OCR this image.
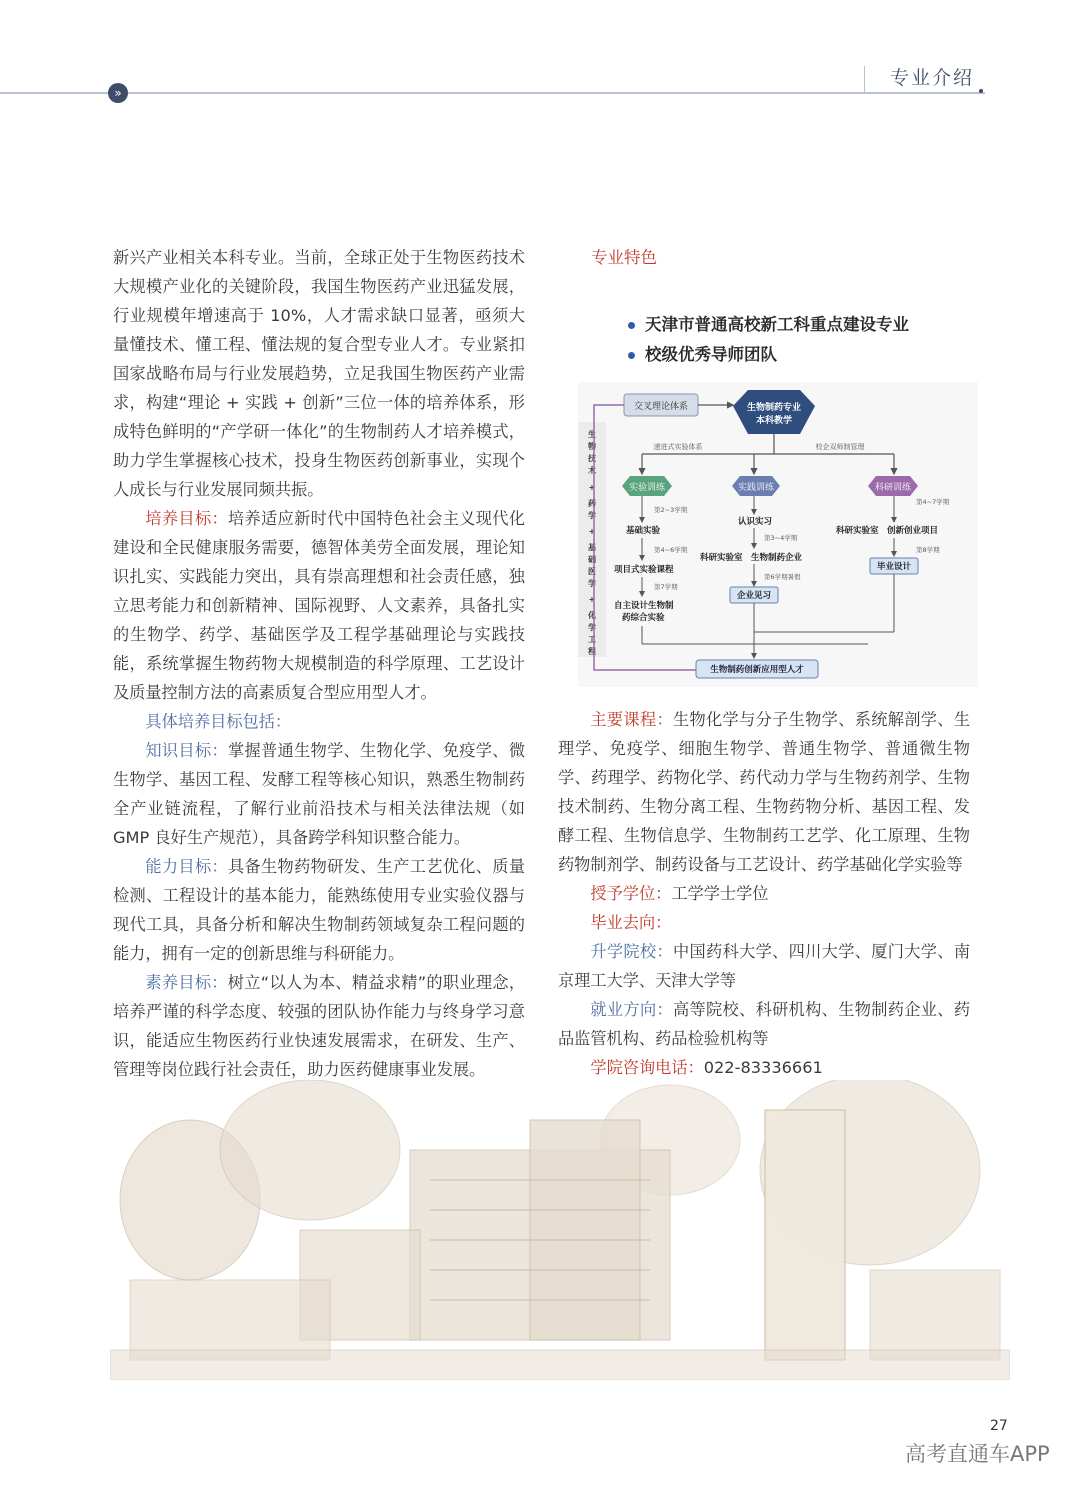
»
专业介绍

新兴产业相关本科专业。当前，全球正处于生物医药技术大规模产业化的关键阶段，我国生物医药产业迅猛发展，行业规模年增速高于 10%，人才需求缺口显著，亟须大量懂技术、懂工程、懂法规的复合型专业人才。专业紧扣国家战略布局与行业发展趋势，立足我国生物医药产业需求，构建“理论 + 实践 + 创新”三位一体的培养体系，形成特色鲜明的“产学研一体化”的生物制药人才培养模式，助力学生掌握核心技术，投身生物医药创新事业，实现个人成长与行业发展同频共振。

培养目标：培养适应新时代中国特色社会主义现代化建设和全民健康服务需要，德智体美劳全面发展，理论知识扎实、实践能力突出，具有崇高理想和社会责任感，独立思考能力和创新精神、国际视野、人文素养，具备扎实的生物学、药学、基础医学及工程学基础理论与实践技能，系统掌握生物药物大规模制造的科学原理、工艺设计及质量控制方法的高素质复合型应用型人才。

具体培养目标包括：

知识目标：掌握普通生物学、生物化学、免疫学、微生物学、基因工程、发酵工程等核心知识，熟悉生物制药全产业链流程，了解行业前沿技术与相关法律法规（如 GMP 良好生产规范），具备跨学科知识整合能力。

能力目标：具备生物药物研发、生产工艺优化、质量检测、工程设计的基本能力，能熟练使用专业实验仪器与现代工具，具备分析和解决生物制药领域复杂工程问题的能力，拥有一定的创新思维与科研能力。

素养目标：树立“以人为本、精益求精”的职业理念，培养严谨的科学态度、较强的团队协作能力与终身学习意识，能适应生物医药行业快速发展需求，在研发、生产、管理等岗位践行社会责任，助力医药健康事业发展。

专业特色
天津市普通高校新工科重点建设专业
校级优秀导师团队
生
物
技
术
+
药
学
+
基
础
医
学
+
化
学
工
程
交叉理论体系	生物制药专业
本科教学
递进式实验体系	校企双师制管理
实验训练	实践训练	科研训练
第2~3学期
基础实验
第4~6学期
项目式实验课程
第7学期
自主设计生物制
药综合实验
认识实习
第3~4学期
科研实验室　生物制药企业
第6学期暑假
企业见习
第4~7学期
科研实验室　创新创业项目
第8学期
毕业设计
生物制药创新应用型人才

主要课程：生物化学与分子生物学、系统解剖学、生理学、免疫学、细胞生物学、普通生物学、普通微生物学、药理学、药物化学、药代动力学与生物药剂学、生物技术制药、生物分离工程、生物药物分析、基因工程、发酵工程、生物信息学、生物制药工艺学、化工原理、生物药物制剂学、制药设备与工艺设计、药学基础化学实验等

授予学位：工学学士学位

毕业去向：

升学院校：中国药科大学、四川大学、厦门大学、南京理工大学、天津大学等

就业方向：高等院校、科研机构、生物制药企业、药品监管机构、药品检验机构等

学院咨询电话：022-83336661

27
高考直通车APP
